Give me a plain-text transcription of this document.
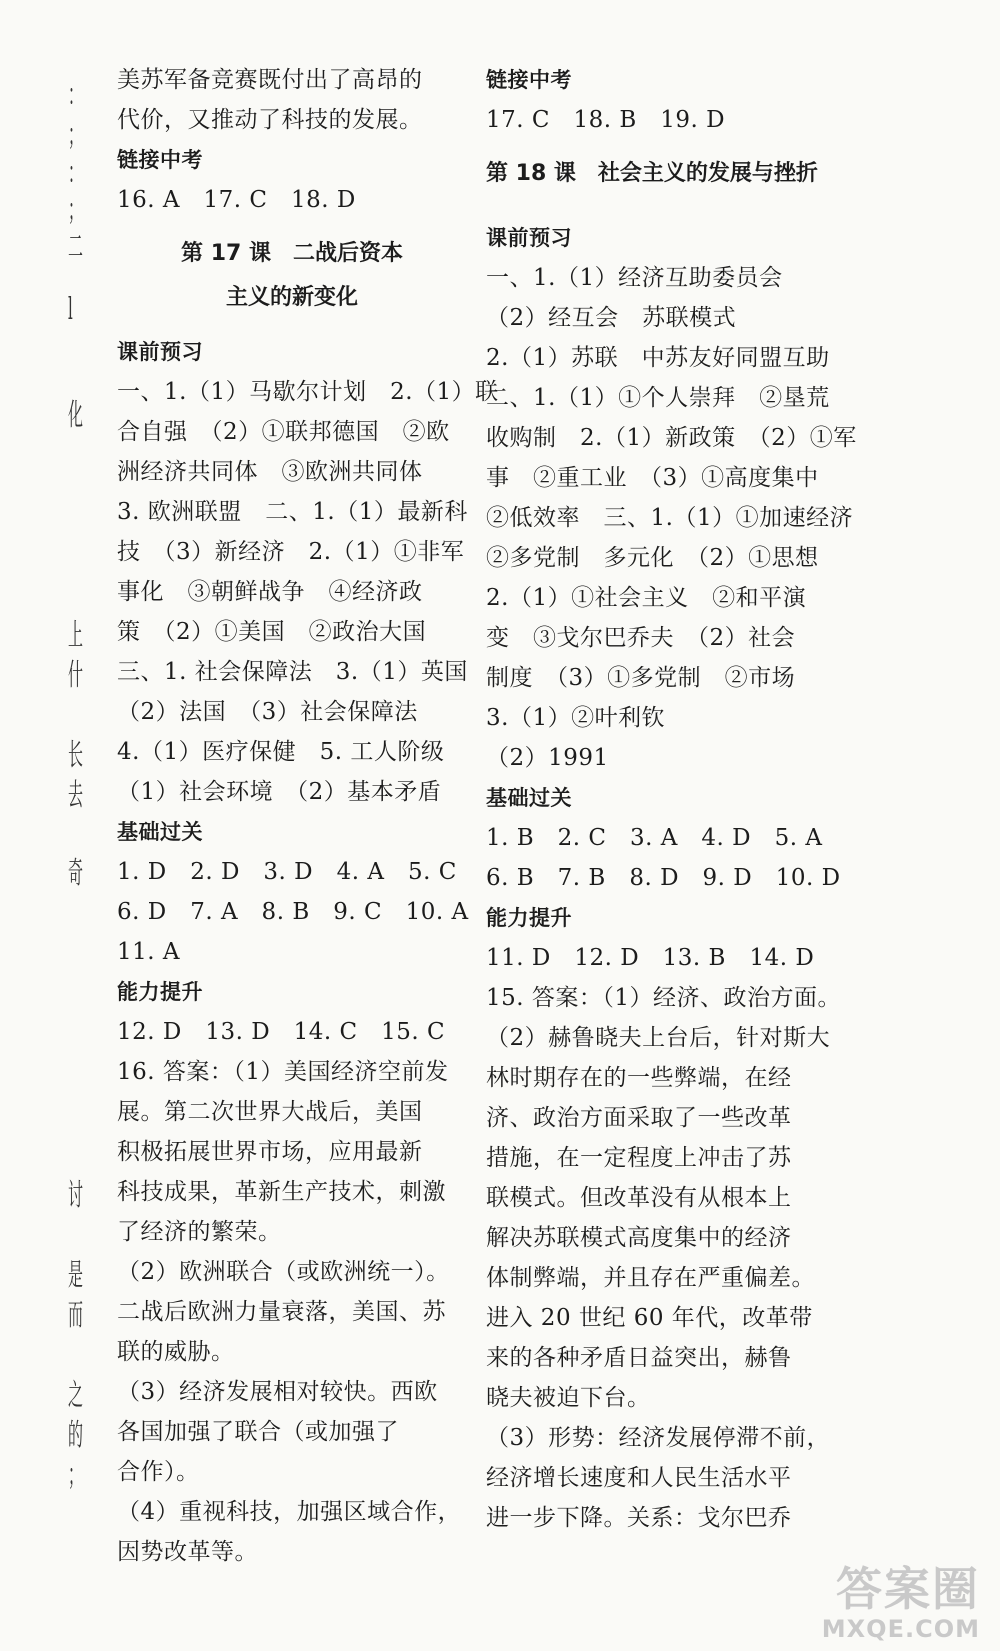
：
；
：
；
二
l
化
上
什
长
去
奇
讨
是
而
之
的
；
美苏军备竞赛既付出了高昂的
代价，又推动了科技的发展。
链接中考
16. A　17. C　18. D
第 17 课　二战后资本
主义的新变化
课前预习
一、1.（1）马歇尔计划　2.（1）联
合自强　（2）①联邦德国　②欧
洲经济共同体　③欧洲共同体
3. 欧洲联盟　二、1.（1）最新科
技　（3）新经济　2.（1）①非军
事化　③朝鲜战争　④经济政
策　（2）①美国　②政治大国
三、1. 社会保障法　3.（1）英国
（2）法国　（3）社会保障法
4.（1）医疗保健　5. 工人阶级
（1）社会环境　（2）基本矛盾
基础过关
1. D　2. D　3. D　4. A　5. C
6. D　7. A　8. B　9. C　10. A
11. A
能力提升
12. D　13. D　14. C　15. C
16. 答案：（1）美国经济空前发
展。第二次世界大战后，美国
积极拓展世界市场，应用最新
科技成果，革新生产技术，刺激
了经济的繁荣。
（2）欧洲联合（或欧洲统一）。
二战后欧洲力量衰落，美国、苏
联的威胁。
（3）经济发展相对较快。西欧
各国加强了联合（或加强了
合作）。
（4）重视科技，加强区域合作，
因势改革等。
链接中考
17. C　18. B　19. D
第 18 课　社会主义的发展与挫折
课前预习
一、1.（1）经济互助委员会
（2）经互会　苏联模式
2.（1）苏联　中苏友好同盟互助
二、1.（1）①个人崇拜　②垦荒
收购制　2.（1）新政策　（2）①军
事　②重工业　（3）①高度集中
②低效率　三、1.（1）①加速经济
②多党制　多元化　（2）①思想
2.（1）①社会主义　②和平演
变　③戈尔巴乔夫　（2）社会
制度　（3）①多党制　②市场
3.（1）②叶利钦
（2）1991
基础过关
1. B　2. C　3. A　4. D　5. A
6. B　7. B　8. D　9. D　10. D
能力提升
11. D　12. D　13. B　14. D
15. 答案：（1）经济、政治方面。
（2）赫鲁晓夫上台后，针对斯大
林时期存在的一些弊端，在经
济、政治方面采取了一些改革
措施，在一定程度上冲击了苏
联模式。但改革没有从根本上
解决苏联模式高度集中的经济
体制弊端，并且存在严重偏差。
进入 20 世纪 60 年代，改革带
来的各种矛盾日益突出，赫鲁
晓夫被迫下台。
（3）形势：经济发展停滞不前，
经济增长速度和人民生活水平
进一步下降。关系：戈尔巴乔
答案圈
MXQE.COM
